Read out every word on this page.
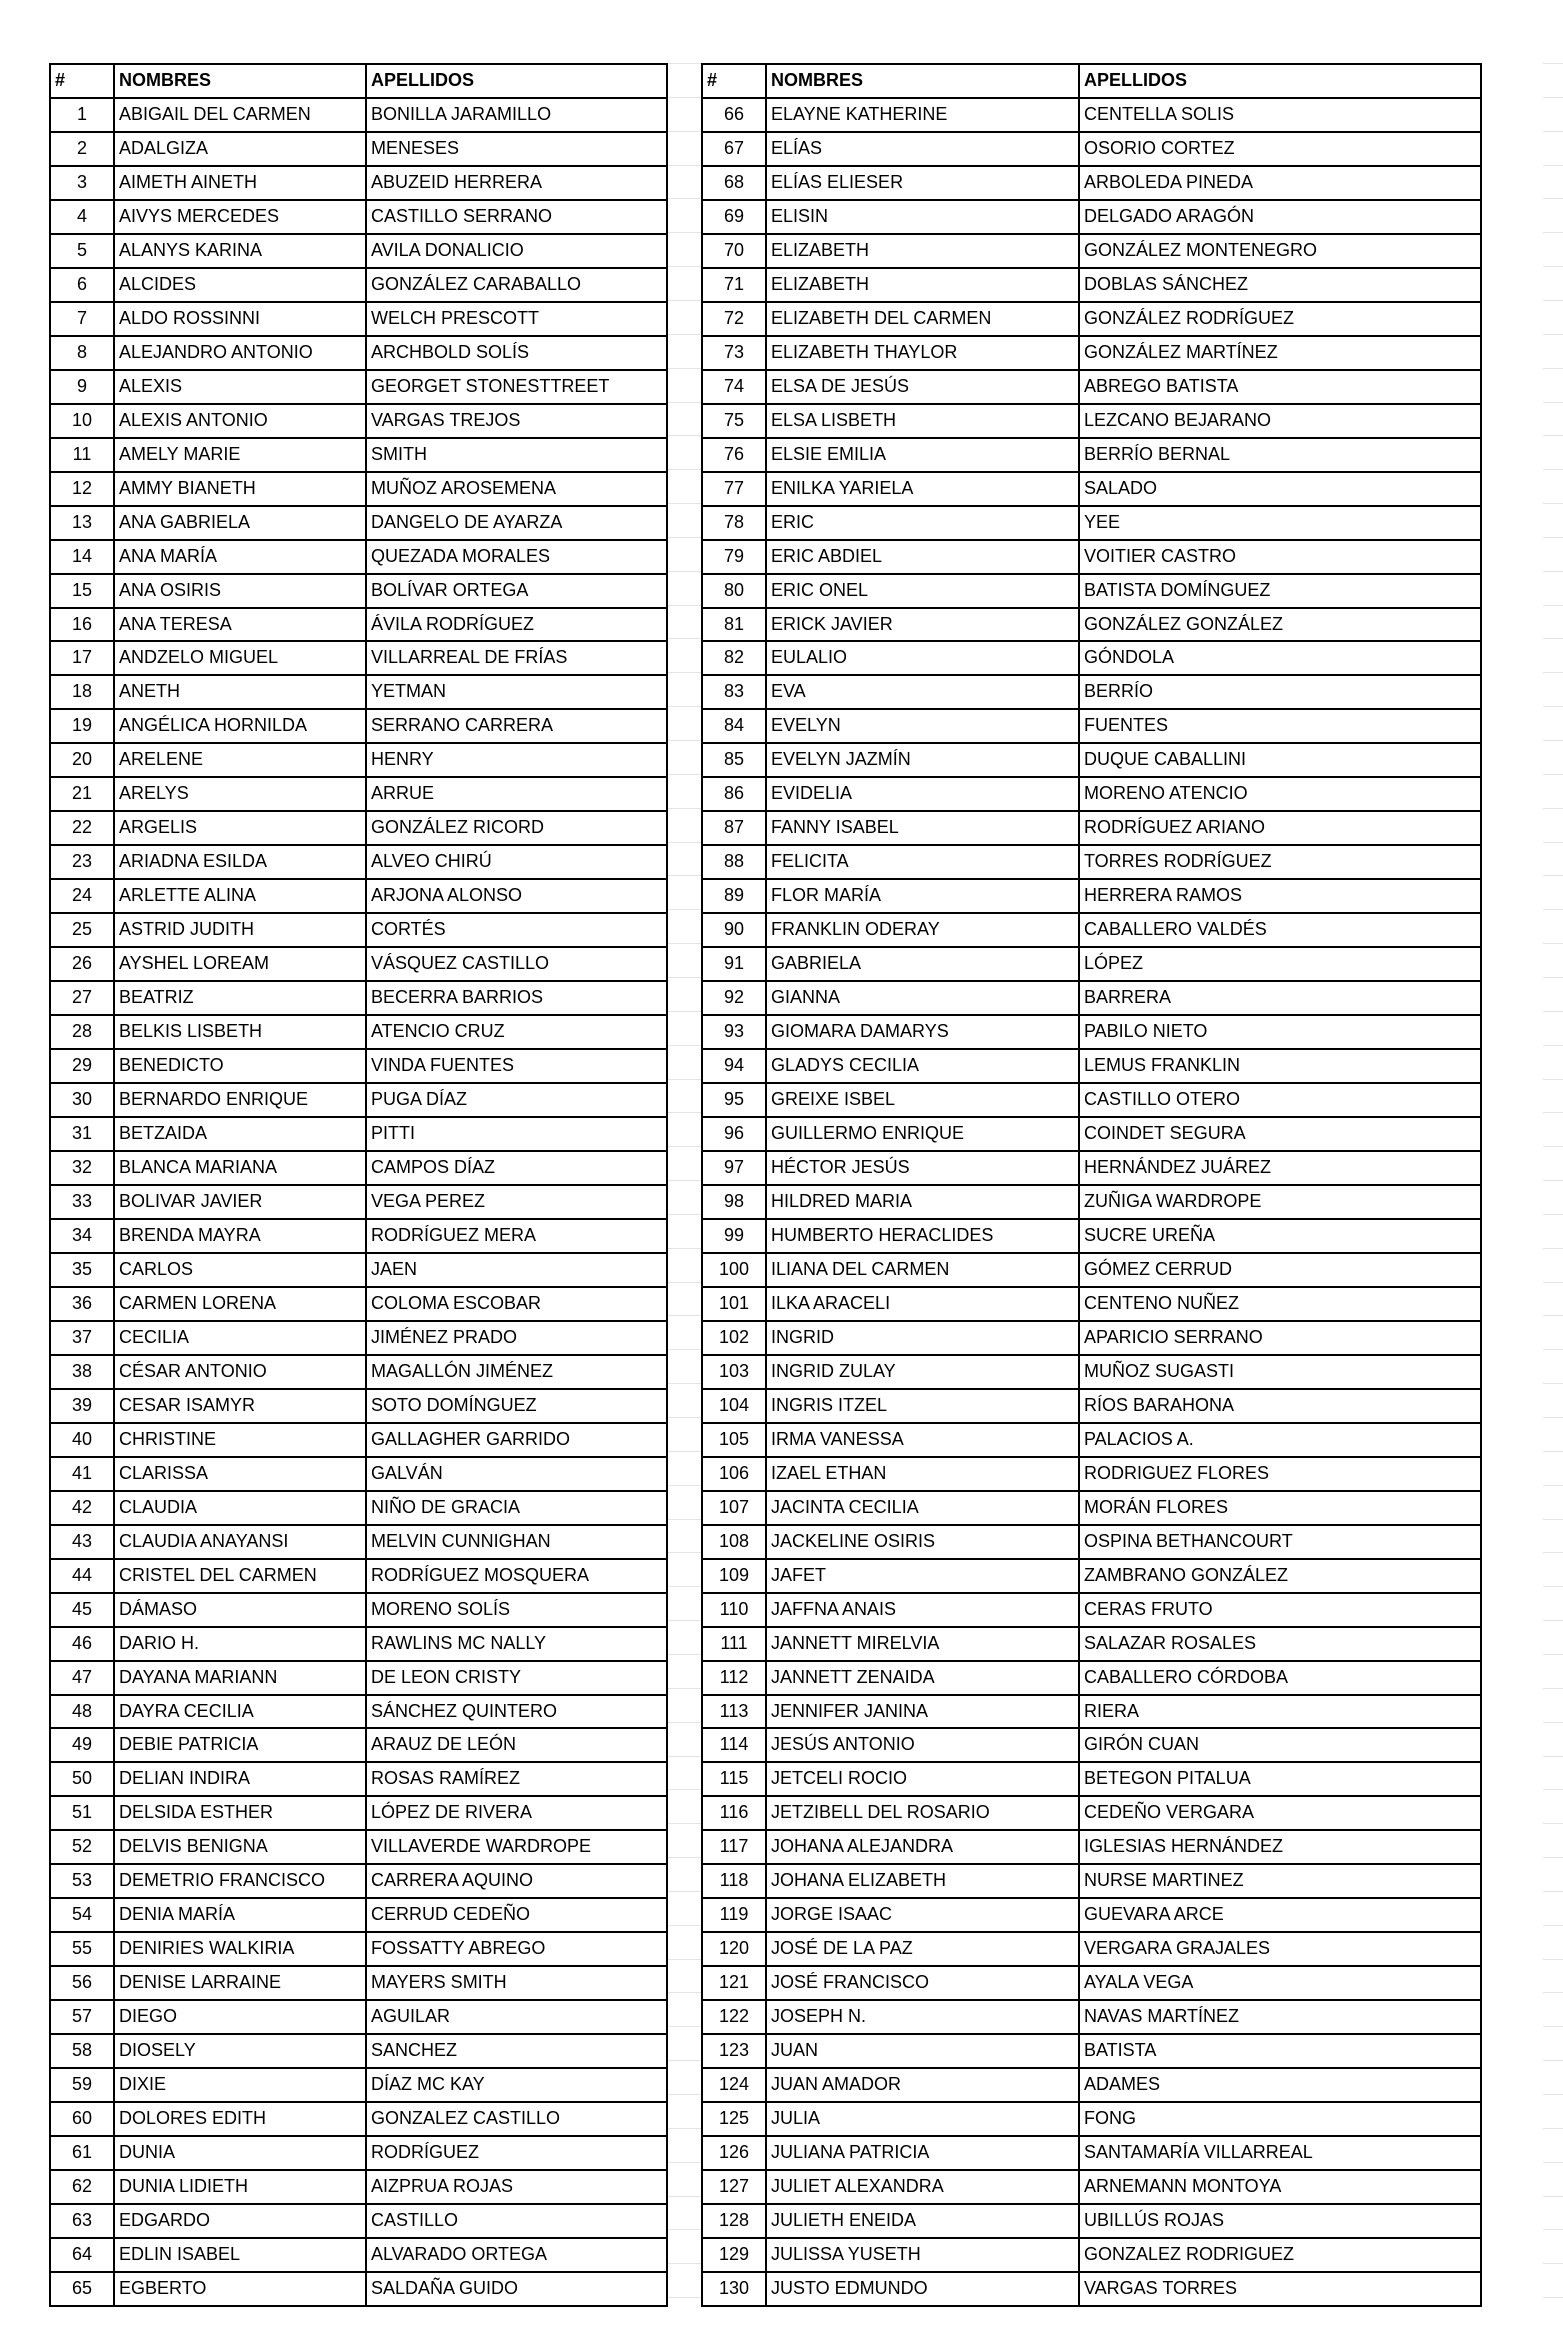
#	NOMBRES	APELLIDOS
1	ABIGAIL DEL CARMEN	BONILLA JARAMILLO
2	ADALGIZA	MENESES
3	AIMETH AINETH	ABUZEID HERRERA
4	AIVYS MERCEDES	CASTILLO SERRANO
5	ALANYS KARINA	AVILA DONALICIO
6	ALCIDES	GONZÁLEZ CARABALLO
7	ALDO ROSSINNI	WELCH PRESCOTT
8	ALEJANDRO ANTONIO	ARCHBOLD SOLÍS
9	ALEXIS	GEORGET STONESTTREET
10	ALEXIS ANTONIO	VARGAS TREJOS
11	AMELY MARIE	SMITH
12	AMMY BIANETH	MUÑOZ AROSEMENA
13	ANA GABRIELA	DANGELO DE AYARZA
14	ANA MARÍA	QUEZADA MORALES
15	ANA OSIRIS	BOLÍVAR ORTEGA
16	ANA TERESA	ÁVILA RODRÍGUEZ
17	ANDZELO MIGUEL	VILLARREAL DE FRÍAS
18	ANETH	YETMAN
19	ANGÉLICA HORNILDA	SERRANO CARRERA
20	ARELENE	HENRY
21	ARELYS	ARRUE
22	ARGELIS	GONZÁLEZ RICORD
23	ARIADNA ESILDA	ALVEO CHIRÚ
24	ARLETTE ALINA	ARJONA ALONSO
25	ASTRID JUDITH	CORTÉS
26	AYSHEL LOREAM	VÁSQUEZ CASTILLO
27	BEATRIZ	BECERRA BARRIOS
28	BELKIS LISBETH	ATENCIO CRUZ
29	BENEDICTO	VINDA FUENTES
30	BERNARDO ENRIQUE	PUGA DÍAZ
31	BETZAIDA	PITTI
32	BLANCA MARIANA	CAMPOS DÍAZ
33	BOLIVAR JAVIER	VEGA PEREZ
34	BRENDA MAYRA	RODRÍGUEZ MERA
35	CARLOS	JAEN
36	CARMEN LORENA	COLOMA ESCOBAR
37	CECILIA	JIMÉNEZ PRADO
38	CÉSAR ANTONIO	MAGALLÓN JIMÉNEZ
39	CESAR ISAMYR	SOTO DOMÍNGUEZ
40	CHRISTINE	GALLAGHER GARRIDO
41	CLARISSA	GALVÁN
42	CLAUDIA	NIÑO DE GRACIA
43	CLAUDIA ANAYANSI	MELVIN CUNNIGHAN
44	CRISTEL DEL CARMEN	RODRÍGUEZ MOSQUERA
45	DÁMASO	MORENO SOLÍS
46	DARIO H.	RAWLINS MC NALLY
47	DAYANA MARIANN	DE LEON CRISTY
48	DAYRA CECILIA	SÁNCHEZ QUINTERO
49	DEBIE PATRICIA	ARAUZ DE LEÓN
50	DELIAN INDIRA	ROSAS RAMÍREZ
51	DELSIDA ESTHER	LÓPEZ DE RIVERA
52	DELVIS BENIGNA	VILLAVERDE WARDROPE
53	DEMETRIO FRANCISCO	CARRERA AQUINO
54	DENIA MARÍA	CERRUD CEDEÑO
55	DENIRIES WALKIRIA	FOSSATTY ABREGO
56	DENISE LARRAINE	MAYERS SMITH
57	DIEGO	AGUILAR
58	DIOSELY	SANCHEZ
59	DIXIE	DÍAZ MC KAY
60	DOLORES EDITH	GONZALEZ CASTILLO
61	DUNIA	RODRÍGUEZ
62	DUNIA LIDIETH	AIZPRUA ROJAS
63	EDGARDO	CASTILLO
64	EDLIN ISABEL	ALVARADO ORTEGA
65	EGBERTO	SALDAÑA GUIDO
#	NOMBRES	APELLIDOS
66	ELAYNE KATHERINE	CENTELLA SOLIS
67	ELÍAS	OSORIO CORTEZ
68	ELÍAS ELIESER	ARBOLEDA PINEDA
69	ELISIN	DELGADO ARAGÓN
70	ELIZABETH	GONZÁLEZ MONTENEGRO
71	ELIZABETH	DOBLAS SÁNCHEZ
72	ELIZABETH DEL CARMEN	GONZÁLEZ RODRÍGUEZ
73	ELIZABETH THAYLOR	GONZÁLEZ MARTÍNEZ
74	ELSA DE JESÚS	ABREGO BATISTA
75	ELSA LISBETH	LEZCANO BEJARANO
76	ELSIE EMILIA	BERRÍO BERNAL
77	ENILKA YARIELA	SALADO
78	ERIC	YEE
79	ERIC ABDIEL	VOITIER CASTRO
80	ERIC ONEL	BATISTA DOMÍNGUEZ
81	ERICK JAVIER	GONZÁLEZ GONZÁLEZ
82	EULALIO	GÓNDOLA
83	EVA	BERRÍO
84	EVELYN	FUENTES
85	EVELYN JAZMÍN	DUQUE CABALLINI
86	EVIDELIA	MORENO ATENCIO
87	FANNY ISABEL	RODRÍGUEZ ARIANO
88	FELICITA	TORRES RODRÍGUEZ
89	FLOR MARÍA	HERRERA RAMOS
90	FRANKLIN ODERAY	CABALLERO VALDÉS
91	GABRIELA	LÓPEZ
92	GIANNA	BARRERA
93	GIOMARA DAMARYS	PABILO NIETO
94	GLADYS CECILIA	LEMUS FRANKLIN
95	GREIXE ISBEL	CASTILLO OTERO
96	GUILLERMO ENRIQUE	COINDET SEGURA
97	HÉCTOR JESÚS	HERNÁNDEZ JUÁREZ
98	HILDRED MARIA	ZUÑIGA WARDROPE
99	HUMBERTO HERACLIDES	SUCRE UREÑA
100	ILIANA DEL CARMEN	GÓMEZ CERRUD
101	ILKA ARACELI	CENTENO NUÑEZ
102	INGRID	APARICIO SERRANO
103	INGRID ZULAY	MUÑOZ SUGASTI
104	INGRIS ITZEL	RÍOS BARAHONA
105	IRMA VANESSA	PALACIOS A.
106	IZAEL ETHAN	RODRIGUEZ FLORES
107	JACINTA CECILIA	MORÁN FLORES
108	JACKELINE OSIRIS	OSPINA BETHANCOURT
109	JAFET	ZAMBRANO GONZÁLEZ
110	JAFFNA ANAIS	CERAS FRUTO
111	JANNETT MIRELVIA	SALAZAR ROSALES
112	JANNETT ZENAIDA	CABALLERO CÓRDOBA
113	JENNIFER JANINA	RIERA
114	JESÚS ANTONIO	GIRÓN CUAN
115	JETCELI ROCIO	BETEGON PITALUA
116	JETZIBELL DEL ROSARIO	CEDEÑO VERGARA
117	JOHANA ALEJANDRA	IGLESIAS HERNÁNDEZ
118	JOHANA ELIZABETH	NURSE MARTINEZ
119	JORGE ISAAC	GUEVARA ARCE
120	JOSÉ DE LA PAZ	VERGARA GRAJALES
121	JOSÉ FRANCISCO	AYALA VEGA
122	JOSEPH N.	NAVAS MARTÍNEZ
123	JUAN	BATISTA
124	JUAN AMADOR	ADAMES
125	JULIA	FONG
126	JULIANA PATRICIA	SANTAMARÍA VILLARREAL
127	JULIET ALEXANDRA	ARNEMANN MONTOYA
128	JULIETH ENEIDA	UBILLÚS ROJAS
129	JULISSA YUSETH	GONZALEZ RODRIGUEZ
130	JUSTO EDMUNDO	VARGAS TORRES
